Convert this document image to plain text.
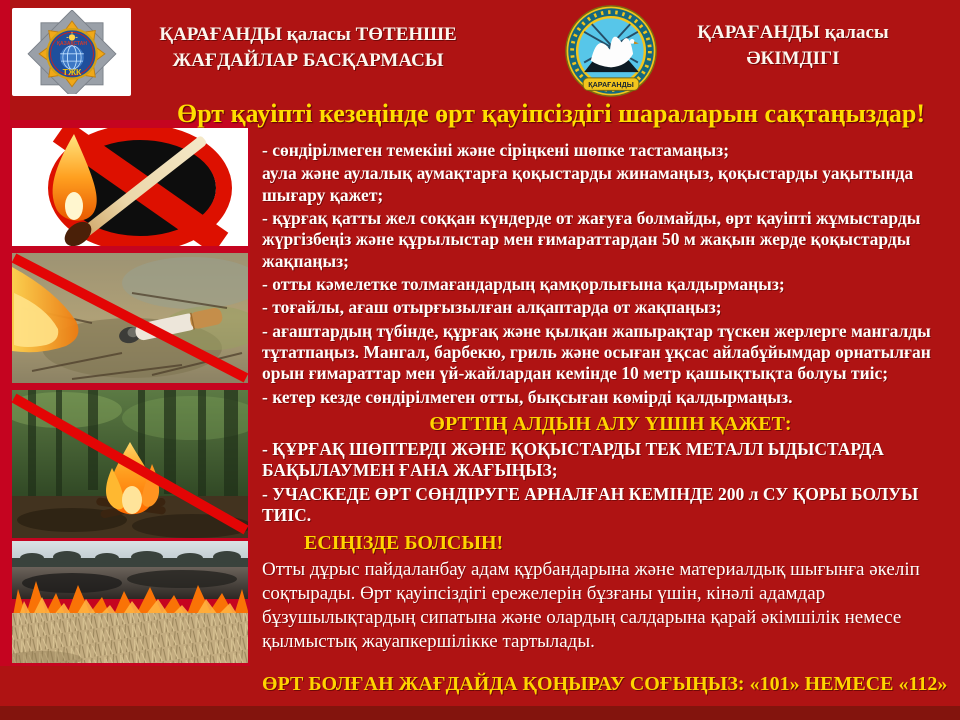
ҚАЗАҚСТАН
ТЖК
ҚАРАҒАНДЫ қаласы ТӨТЕНШЕ
ЖАҒДАЙЛАР БАСҚАРМАСЫ
ҚАРАҒАНДЫ
ҚАРАҒАНДЫ қаласы
ӘКІМДІГІ
Өрт қауіпті кезеңінде өрт қауіпсіздігі шараларын сақтаңыздар!

- сөндірілмеген темекіні және сіріңкені шөпке тастамаңыз;

аула және аулалық аумақтарға қоқыстарды жинамаңыз, қоқыстарды уақытында шығару қажет;

- құрғақ қатты жел соққан күндерде от жағуға болмайды, өрт қауіпті жұмыстарды жүргізбеңіз және құрылыстар мен ғимараттардан 50 м жақын жерде қоқыстарды жақпаңыз;

- отты кәмелетке толмағандардың қамқорлығына қалдырмаңыз;

- тоғайлы, ағаш отырғызылған алқаптарда от жақпаңыз;

- ағаштардың түбінде, құрғақ және қылқан жапырақтар түскен жерлерге мангалды тұтатпаңыз. Мангал, барбекю, гриль және осыған ұқсас айлабұйымдар орнатылған орын ғимараттар мен үй-жайлардан кемінде 10 метр қашықтықта болуы тиіс;

- кетер кезде сөндірілмеген отты, бықсыған көмірді қалдырмаңыз.

ӨРТТІҢ АЛДЫН АЛУ ҮШІН ҚАЖЕТ:

- ҚҰРҒАҚ ШӨПТЕРДІ ЖӘНЕ ҚОҚЫСТАРДЫ ТЕК МЕТАЛЛ ЫДЫСТАРДА БАҚЫЛАУМЕН ҒАНА ЖАҒЫҢЫЗ;

- УЧАСКЕДЕ ӨРТ СӨНДІРУГЕ АРНАЛҒАН КЕМІНДЕ 200 л СУ ҚОРЫ БОЛУЫ ТИІС.

ЕСІҢІЗДЕ БОЛСЫН!

Отты дұрыс пайдаланбау адам құрбандарына және материалдық шығынға әкеліп соқтырады. Өрт қауіпсіздігі ережелерін бұзғаны үшін, кінәлі адамдар бұзушылықтардың сипатына және олардың салдарына қарай әкімшілік немесе қылмыстық жауапкершілікке тартылады.

ӨРТ БОЛҒАН ЖАҒДАЙДА ҚОҢЫРАУ СОҒЫҢЫЗ: «101» НЕМЕСЕ «112»
